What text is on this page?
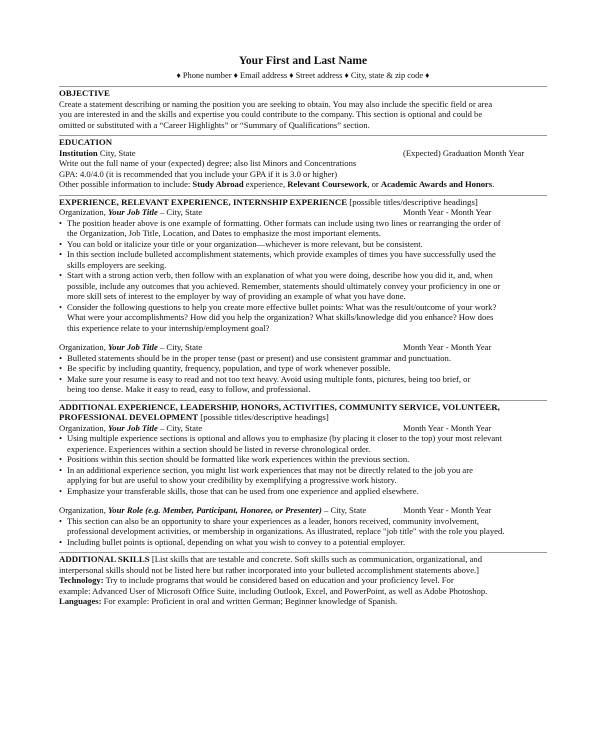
Your First and Last Name
♦ Phone number ♦ Email address ♦ Street address ♦ City, state & zip code ♦
OBJECTIVE

Create a statement describing or naming the position you are seeking to obtain. You may also include the specific field or area

you are interested in and the skills and expertise you could contribute to the company. This section is optional and could be

omitted or substituted with a “Career Highlights” or “Summary of Qualifications” section.

EDUCATION
Institution City, State	(Expected) Graduation Month Year

Write out the full name of your (expected) degree; also list Minors and Concentrations

GPA: 4.0/4.0 (it is recommended that you include your GPA if it is 3.0 or higher)

Other possible information to include: Study Abroad experience, Relevant Coursework, or Academic Awards and Honors.

EXPERIENCE, RELEVANT EXPERIENCE, INTERNSHIP EXPERIENCE [possible titles/descriptive headings]
Organization, Your Job Title – City, State	Month Year - Month Year
• The position header above is one example of formatting. Other formats can include using two lines or rearranging the order of
the Organization, Job Title, Location, and Dates to emphasize the most important elements.
• You can bold or italicize your title or your organization—whichever is more relevant, but be consistent.
• In this section include bulleted accomplishment statements, which provide examples of times you have successfully used the
skills employers are seeking.
• Start with a strong action verb, then follow with an explanation of what you were doing, describe how you did it, and, when
possible, include any outcomes that you achieved. Remember, statements should ultimately convey your proficiency in one or
more skill sets of interest to the employer by way of providing an example of what you have done.
• Consider the following questions to help you create more effective bullet points: What was the result/outcome of your work?
What were your accomplishments? How did you help the organization? What skills/knowledge did you enhance? How does
this experience relate to your internship/employment goal?
Organization, Your Job Title – City, State	Month Year - Month Year
• Bulleted statements should be in the proper tense (past or present) and use consistent grammar and punctuation.
• Be specific by including quantity, frequency, population, and type of work whenever possible.
• Make sure your resume is easy to read and not too text heavy. Avoid using multiple fonts, pictures, being too brief, or
being too dense. Make it easy to read, easy to follow, and professional.
ADDITIONAL EXPERIENCE, LEADERSHIP, HONORS, ACTIVITIES, COMMUNITY SERVICE, VOLUNTEER,
PROFESSIONAL DEVELOPMENT [possible titles/descriptive headings]
Organization, Your Job Title – City, State	Month Year - Month Year
• Using multiple experience sections is optional and allows you to emphasize (by placing it closer to the top) your most relevant
experience. Experiences within a section should be listed in reverse chronological order.
• Positions within this section should be formatted like work experiences within the previous section.
• In an additional experience section, you might list work experiences that may not be directly related to the job you are
applying for but are useful to show your credibility by exemplifying a progressive work history.
• Emphasize your transferable skills, those that can be used from one experience and applied elsewhere.
Organization, Your Role (e.g. Member, Participant, Honoree, or Presenter) – City, State	Month Year - Month Year
• This section can also be an opportunity to share your experiences as a leader, honors received, community involvement,
professional development activities, or membership in organizations. As illustrated, replace "job title" with the role you played.
• Including bullet points is optional, depending on what you wish to convey to a potential employer.

ADDITIONAL SKILLS [List skills that are testable and concrete. Soft skills such as communication, organizational, and

interpersonal skills should not be listed here but rather incorporated into your bulleted accomplishment statements above.]

Technology: Try to include programs that would be considered based on education and your proficiency level. For

example: Advanced User of Microsoft Office Suite, including Outlook, Excel, and PowerPoint, as well as Adobe Photoshop.

Languages: For example: Proficient in oral and written German; Beginner knowledge of Spanish.
